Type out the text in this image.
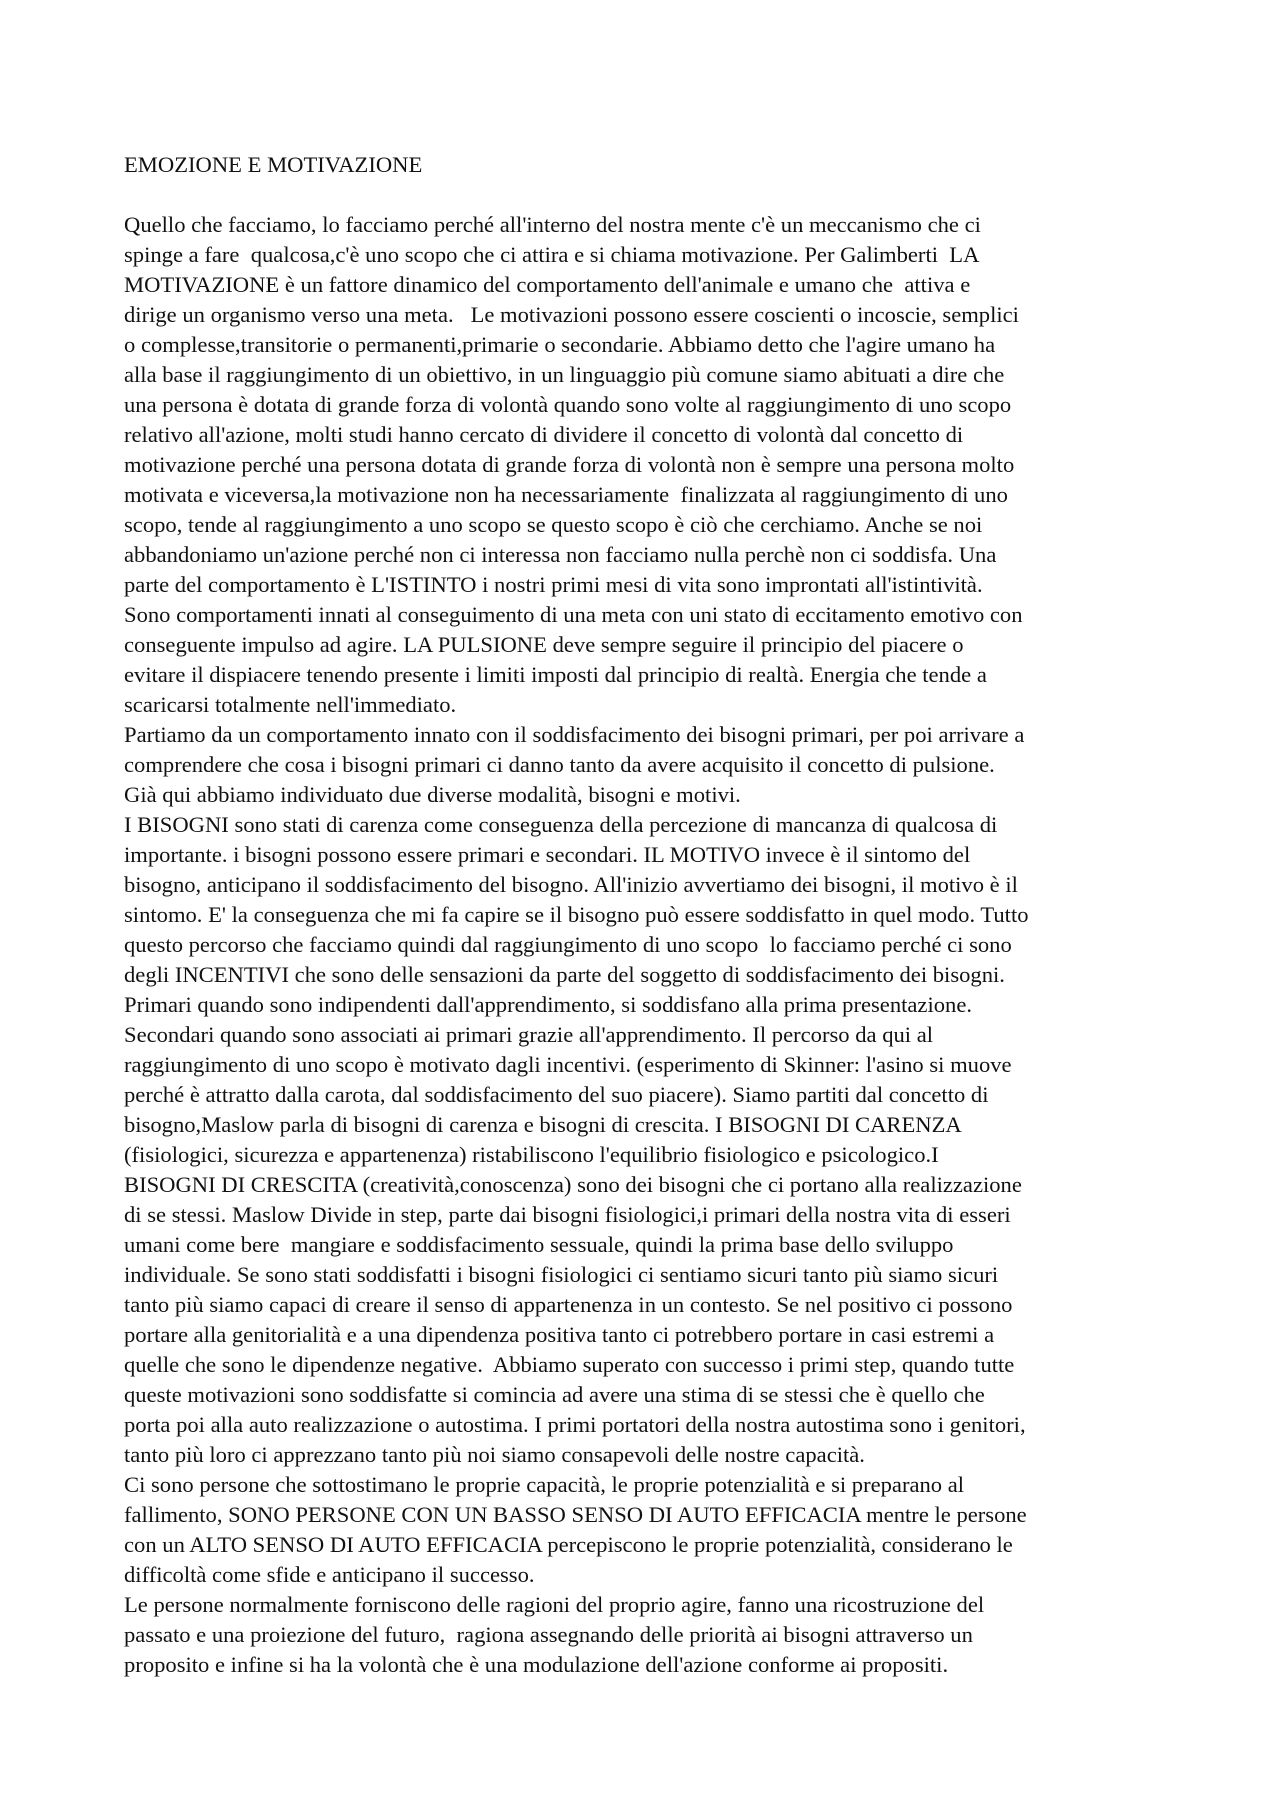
EMOZIONE E MOTIVAZIONE
Quello che facciamo, lo facciamo perché all'interno del nostra mente c'è un meccanismo che ci
spinge a fare  qualcosa,c'è uno scopo che ci attira e si chiama motivazione. Per Galimberti  LA
MOTIVAZIONE è un fattore dinamico del comportamento dell'animale e umano che  attiva e
dirige un organismo verso una meta.   Le motivazioni possono essere coscienti o incoscie, semplici
o complesse,transitorie o permanenti,primarie o secondarie. Abbiamo detto che l'agire umano ha
alla base il raggiungimento di un obiettivo, in un linguaggio più comune siamo abituati a dire che
una persona è dotata di grande forza di volontà quando sono volte al raggiungimento di uno scopo
relativo all'azione, molti studi hanno cercato di dividere il concetto di volontà dal concetto di
motivazione perché una persona dotata di grande forza di volontà non è sempre una persona molto
motivata e viceversa,la motivazione non ha necessariamente  finalizzata al raggiungimento di uno
scopo, tende al raggiungimento a uno scopo se questo scopo è ciò che cerchiamo. Anche se noi
abbandoniamo un'azione perché non ci interessa non facciamo nulla perchè non ci soddisfa. Una
parte del comportamento è L'ISTINTO i nostri primi mesi di vita sono improntati all'istintività.
Sono comportamenti innati al conseguimento di una meta con uni stato di eccitamento emotivo con
conseguente impulso ad agire. LA PULSIONE deve sempre seguire il principio del piacere o
evitare il dispiacere tenendo presente i limiti imposti dal principio di realtà. Energia che tende a
scaricarsi totalmente nell'immediato.
Partiamo da un comportamento innato con il soddisfacimento dei bisogni primari, per poi arrivare a
comprendere che cosa i bisogni primari ci danno tanto da avere acquisito il concetto di pulsione.
Già qui abbiamo individuato due diverse modalità, bisogni e motivi.
I BISOGNI sono stati di carenza come conseguenza della percezione di mancanza di qualcosa di
importante. i bisogni possono essere primari e secondari. IL MOTIVO invece è il sintomo del
bisogno, anticipano il soddisfacimento del bisogno. All'inizio avvertiamo dei bisogni, il motivo è il
sintomo. E' la conseguenza che mi fa capire se il bisogno può essere soddisfatto in quel modo. Tutto
questo percorso che facciamo quindi dal raggiungimento di uno scopo  lo facciamo perché ci sono
degli INCENTIVI che sono delle sensazioni da parte del soggetto di soddisfacimento dei bisogni.
Primari quando sono indipendenti dall'apprendimento, si soddisfano alla prima presentazione.
Secondari quando sono associati ai primari grazie all'apprendimento. Il percorso da qui al
raggiungimento di uno scopo è motivato dagli incentivi. (esperimento di Skinner: l'asino si muove
perché è attratto dalla carota, dal soddisfacimento del suo piacere). Siamo partiti dal concetto di
bisogno,Maslow parla di bisogni di carenza e bisogni di crescita. I BISOGNI DI CARENZA
(fisiologici, sicurezza e appartenenza) ristabiliscono l'equilibrio fisiologico e psicologico.I
BISOGNI DI CRESCITA (creatività,conoscenza) sono dei bisogni che ci portano alla realizzazione
di se stessi. Maslow Divide in step, parte dai bisogni fisiologici,i primari della nostra vita di esseri
umani come bere  mangiare e soddisfacimento sessuale, quindi la prima base dello sviluppo
individuale. Se sono stati soddisfatti i bisogni fisiologici ci sentiamo sicuri tanto più siamo sicuri
tanto più siamo capaci di creare il senso di appartenenza in un contesto. Se nel positivo ci possono
portare alla genitorialità e a una dipendenza positiva tanto ci potrebbero portare in casi estremi a
quelle che sono le dipendenze negative.  Abbiamo superato con successo i primi step, quando tutte
queste motivazioni sono soddisfatte si comincia ad avere una stima di se stessi che è quello che
porta poi alla auto realizzazione o autostima. I primi portatori della nostra autostima sono i genitori,
tanto più loro ci apprezzano tanto più noi siamo consapevoli delle nostre capacità.
Ci sono persone che sottostimano le proprie capacità, le proprie potenzialità e si preparano al
fallimento, SONO PERSONE CON UN BASSO SENSO DI AUTO EFFICACIA mentre le persone
con un ALTO SENSO DI AUTO EFFICACIA percepiscono le proprie potenzialità, considerano le
difficoltà come sfide e anticipano il successo.
Le persone normalmente forniscono delle ragioni del proprio agire, fanno una ricostruzione del
passato e una proiezione del futuro,  ragiona assegnando delle priorità ai bisogni attraverso un
proposito e infine si ha la volontà che è una modulazione dell'azione conforme ai propositi.
